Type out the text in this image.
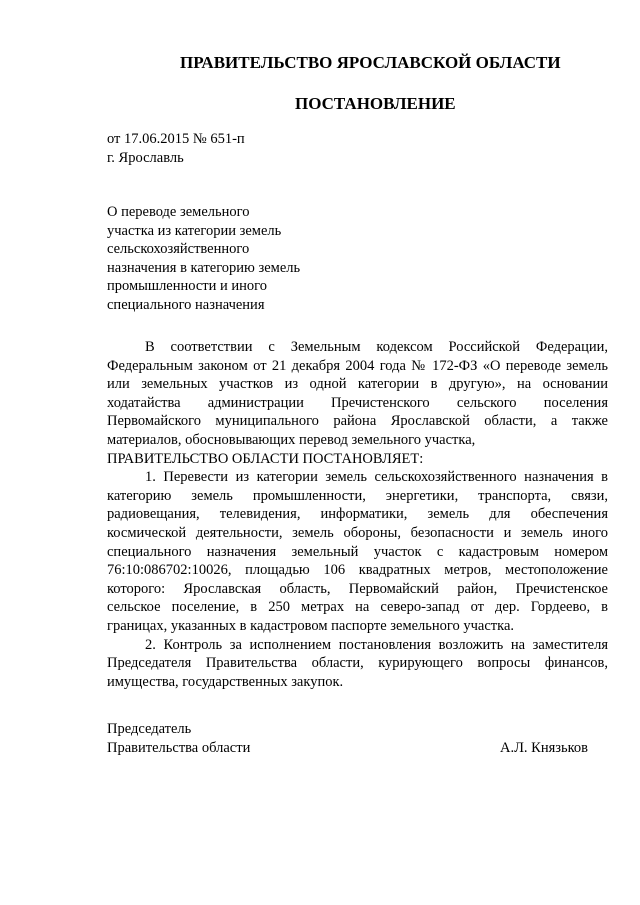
ПРАВИТЕЛЬСТВО ЯРОСЛАВСКОЙ ОБЛАСТИ
ПОСТАНОВЛЕНИЕ
от 17.06.2015 № 651-п
г. Ярославль
О переводе земельного
участка из категории земель
сельскохозяйственного
назначения в категорию земель
промышленности и иного
специального назначения
В соответствии с Земельным кодексом Российской Федерации,
Федеральным законом от 21 декабря 2004 года № 172-ФЗ «О переводе земель
или земельных участков из одной категории в другую», на основании
ходатайства администрации Пречистенского сельского поселения
Первомайского муниципального района Ярославской области, а также
материалов, обосновывающих перевод земельного участка,
ПРАВИТЕЛЬСТВО ОБЛАСТИ ПОСТАНОВЛЯЕТ:
1. Перевести из категории земель сельскохозяйственного назначения в
категорию земель промышленности, энергетики, транспорта, связи,
радиовещания, телевидения, информатики, земель для обеспечения
космической деятельности, земель обороны, безопасности и земель иного
специального назначения земельный участок с кадастровым номером
76:10:086702:10026, площадью 106 квадратных метров, местоположение
которого: Ярославская область, Первомайский район, Пречистенское
сельское поселение, в 250 метрах на северо-запад от дер. Гордеево, в
границах, указанных в кадастровом паспорте земельного участка.
2. Контроль за исполнением постановления возложить на заместителя
Председателя Правительства области, курирующего вопросы финансов,
имущества, государственных закупок.
Председатель
Правительства области	А.Л. Князьков
